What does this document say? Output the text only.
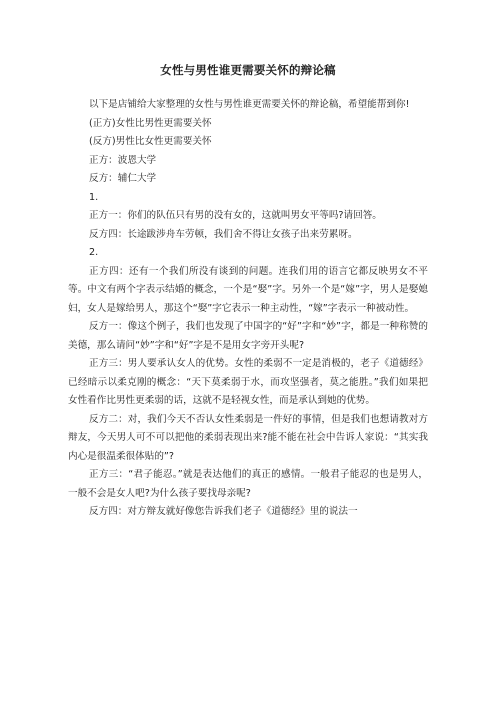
女性与男性谁更需要关怀的辩论稿

以下是店铺给大家整理的女性与男性谁更需要关怀的辩论稿，希望能帮到你!

(正方)女性比男性更需要关怀

(反方)男性比女性更需要关怀

正方：波恩大学

反方：辅仁大学

1.

正方一：你们的队伍只有男的没有女的，这就叫男女平等吗?请回答。

反方四：长途跋涉舟车劳顿，我们舍不得让女孩子出来劳累呀。

2.

正方四：还有一个我们所没有谈到的问题。连我们用的语言它都反映男女不平等。中文有两个字表示结婚的概念，一个是“娶”字。另外一个是“嫁”字，男人是娶媳妇，女人是嫁给男人，那这个“娶”字它表示一种主动性，“嫁”字表示一种被动性。

反方一：像这个例子，我们也发现了中国字的“好”字和“妙”字，都是一种称赞的美德，那么请问“妙”字和“好”字是不是用女字旁开头呢?

正方三：男人要承认女人的优势。女性的柔弱不一定是消极的，老子《道德经》已经暗示以柔克刚的概念：“天下莫柔弱于水，而攻坚强者，莫之能胜。”我们如果把女性看作比男性更柔弱的话，这就不是轻视女性，而是承认到她的优势。

反方二：对，我们今天不否认女性柔弱是一件好的事情，但是我们也想请教对方辩友，今天男人可不可以把他的柔弱表现出来?能不能在社会中告诉人家说：“其实我内心是很温柔很体贴的”?

正方三：“君子能忍。”就是表达他们的真正的感情。一般君子能忍的也是男人，一般不会是女人吧?为什么孩子要找母亲呢?

反方四：对方辩友就好像您告诉我们老子《道德经》里的说法一
